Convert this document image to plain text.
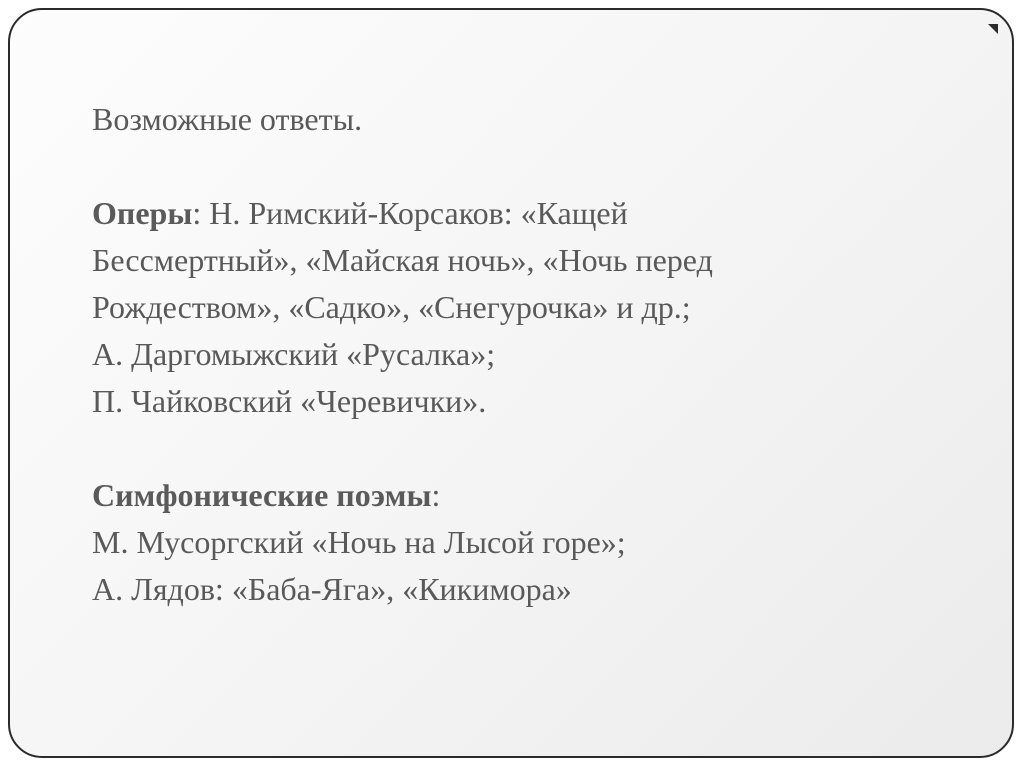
Возможные ответы.
Оперы: Н. Римский-Корсаков: «Кащей
Бессмертный», «Майская ночь», «Ночь перед
Рождеством», «Садко», «Снегурочка» и др.;
А. Даргомыжский «Русалка»;
П. Чайковский «Черевички».
Симфонические поэмы:
М. Мусоргский «Ночь на Лысой горе»;
А. Лядов: «Баба-Яга», «Кикимора»
